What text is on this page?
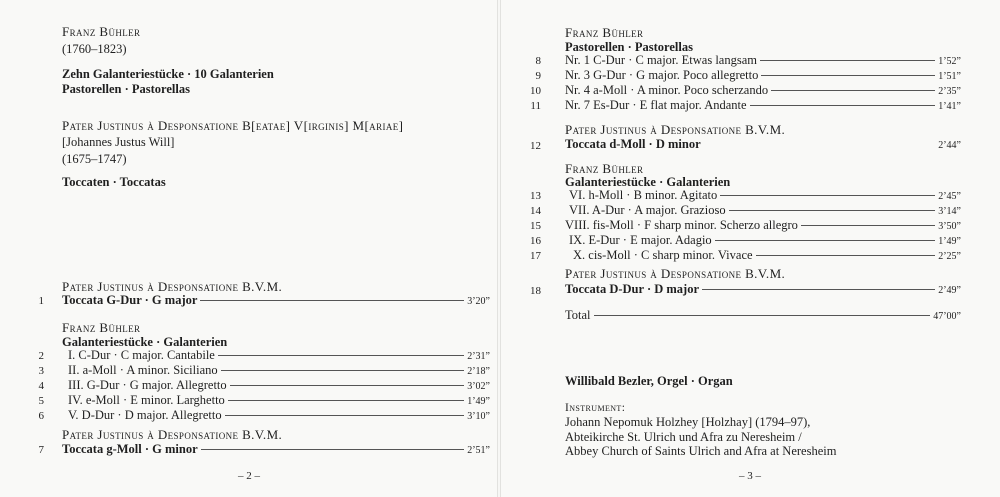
Franz Bühler
(1760–1823)
Zehn Galanteriestücke · 10 Galanterien
Pastorellen · Pastorellas
Pater Justinus à Desponsatione B[eatae] V[irginis] M[ariae]
[Johannes Justus Will]
(1675–1747)
Toccaten · Toccatas
Pater Justinus à Desponsatione B.V.M.
1 Toccata G-Dur · G major	3’20”
Franz Bühler
Galanteriestücke · Galanterien
2 I. C-Dur · C major. Cantabile	2’31”
3 II. a-Moll · A minor. Siciliano	2’18”
4 III. G-Dur · G major. Allegretto	3’02”
5 IV. e-Moll · E minor. Larghetto	1’49”
6 V. D-Dur · D major. Allegretto	3’10”
Pater Justinus à Desponsatione B.V.M.
7 Toccata g-Moll · G minor	2’51”
– 2 –
Franz Bühler
Pastorellen · Pastorellas
8 Nr. 1 C-Dur · C major. Etwas langsam	1’52”
9 Nr. 3 G-Dur · G major. Poco allegretto	1’51”
10 Nr. 4 a-Moll · A minor. Poco scherzando	2’35”
11 Nr. 7 Es-Dur · E flat major. Andante	1’41”
Pater Justinus à Desponsatione B.V.M.
12 Toccata d-Moll · D minor	2’44”
Franz Bühler
Galanteriestücke · Galanterien
13 VI. h-Moll · B minor. Agitato	2’45”
14 VII. A-Dur · A major. Grazioso	3’14”
15 VIII. fis-Moll · F sharp minor. Scherzo allegro	3’50”
16 IX. E-Dur · E major. Adagio	1’49”
17	X. cis-Moll · C sharp minor. Vivace	2’25”
Pater Justinus à Desponsatione B.V.M.
18 Toccata D-Dur · D major	2’49”
Total	47’00”
Willibald Bezler, Orgel · Organ
Instrument:
Johann Nepomuk Holzhey [Holzhay] (1794–97),
Abteikirche St. Ulrich und Afra zu Neresheim /
Abbey Church of Saints Ulrich and Afra at Neresheim
– 3 –
